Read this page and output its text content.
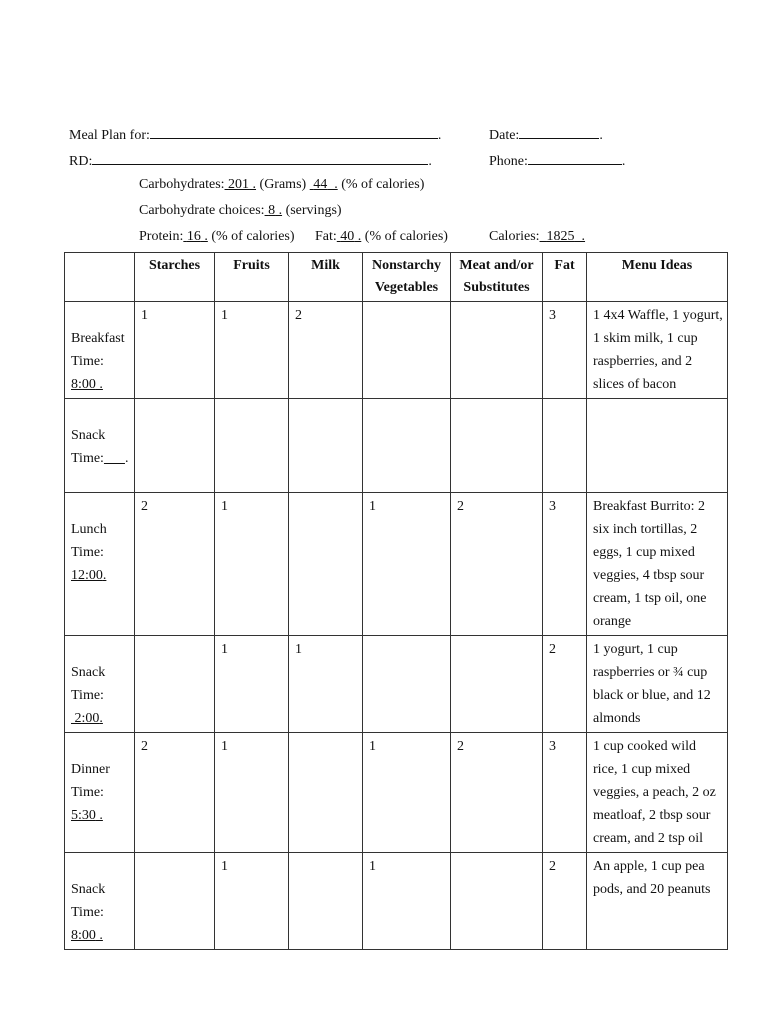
Meal Plan for:	.	Date:	.
RD:	.	Phone:	.
Carbohydrates: 201 . (Grams) 44  . (% of calories)
Carbohydrate choices: 8 . (servings)
Protein: 16 . (% of calories) Fat: 40 . (% of calories)	Calories: 1825  .
	Starches	Fruits	Milk	Nonstarchy
Vegetables	Meat and/or
Substitutes	Fat	Menu Ideas

Breakfast
Time: 8:00 .	1	1	2			3	1 4x4 Waffle, 1 yogurt, 1 skim milk, 1 cup raspberries, and 2 slices of bacon

Snack
Time: .							

Lunch
Time: 12:00.	2	1		1	2	3	Breakfast Burrito: 2 six inch tortillas, 2 eggs, 1 cup mixed veggies, 4 tbsp sour cream, 1 tsp oil, one orange

Snack
Time:  2:00.		1	1			2	1 yogurt, 1 cup raspberries or ¾ cup black or blue, and 12 almonds

Dinner
Time: 5:30 .	2	1		1	2	3	1 cup cooked wild rice, 1 cup mixed veggies, a peach, 2 oz meatloaf, 2 tbsp sour cream, and 2 tsp oil

Snack
Time: 8:00 .		1		1		2	An apple, 1 cup pea pods, and 20 peanuts
